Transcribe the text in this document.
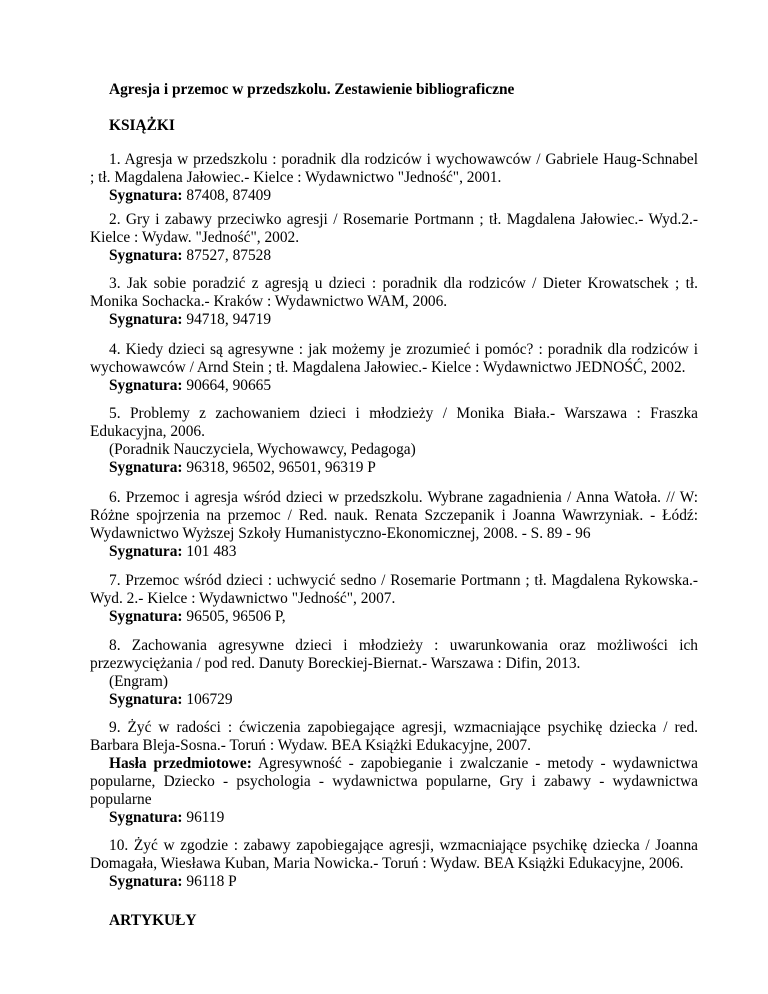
Agresja i przemoc w przedszkolu. Zestawienie bibliograficzne
KSIĄŻKI
1. Agresja w przedszkolu : poradnik dla rodziców i wychowawców / Gabriele Haug-Schnabel
; tł. Magdalena Jałowiec.- Kielce : Wydawnictwo "Jedność", 2001.
Sygnatura: 87408, 87409
2. Gry i zabawy przeciwko agresji / Rosemarie Portmann ; tł. Magdalena Jałowiec.- Wyd.2.-
Kielce : Wydaw. "Jedność", 2002.
Sygnatura: 87527, 87528
3. Jak sobie poradzić z agresją u dzieci : poradnik dla rodziców / Dieter Krowatschek ; tł.
Monika Sochacka.- Kraków : Wydawnictwo WAM, 2006.
Sygnatura: 94718, 94719
4. Kiedy dzieci są agresywne : jak możemy je zrozumieć i pomóc? : poradnik dla rodziców i
wychowawców / Arnd Stein ; tł. Magdalena Jałowiec.- Kielce : Wydawnictwo JEDNOŚĆ, 2002.
Sygnatura: 90664, 90665
5. Problemy z zachowaniem dzieci i młodzieży / Monika Biała.- Warszawa : Fraszka
Edukacyjna, 2006.
(Poradnik Nauczyciela, Wychowawcy, Pedagoga)
Sygnatura: 96318, 96502, 96501, 96319 P
6. Przemoc i agresja wśród dzieci w przedszkolu. Wybrane zagadnienia / Anna Watoła. // W:
Różne spojrzenia na przemoc / Red. nauk. Renata Szczepanik i Joanna Wawrzyniak. - Łódź:
Wydawnictwo Wyższej Szkoły Humanistyczno-Ekonomicznej, 2008. - S. 89 - 96
Sygnatura: 101 483
7. Przemoc wśród dzieci : uchwycić sedno / Rosemarie Portmann ; tł. Magdalena Rykowska.-
Wyd. 2.- Kielce : Wydawnictwo "Jedność", 2007.
Sygnatura: 96505, 96506 P,
8. Zachowania agresywne dzieci i młodzieży : uwarunkowania oraz możliwości ich
przezwyciężania / pod red. Danuty Boreckiej-Biernat.- Warszawa : Difin, 2013.
(Engram)
Sygnatura: 106729
9. Żyć w radości : ćwiczenia zapobiegające agresji, wzmacniające psychikę dziecka / red.
Barbara Bleja-Sosna.- Toruń : Wydaw. BEA Książki Edukacyjne, 2007.
Hasła przedmiotowe: Agresywność - zapobieganie i zwalczanie - metody - wydawnictwa
popularne, Dziecko - psychologia - wydawnictwa popularne, Gry i zabawy - wydawnictwa
popularne
Sygnatura: 96119
10. Żyć w zgodzie : zabawy zapobiegające agresji, wzmacniające psychikę dziecka / Joanna
Domagała, Wiesława Kuban, Maria Nowicka.- Toruń : Wydaw. BEA Książki Edukacyjne, 2006.
Sygnatura: 96118 P
ARTYKUŁY
